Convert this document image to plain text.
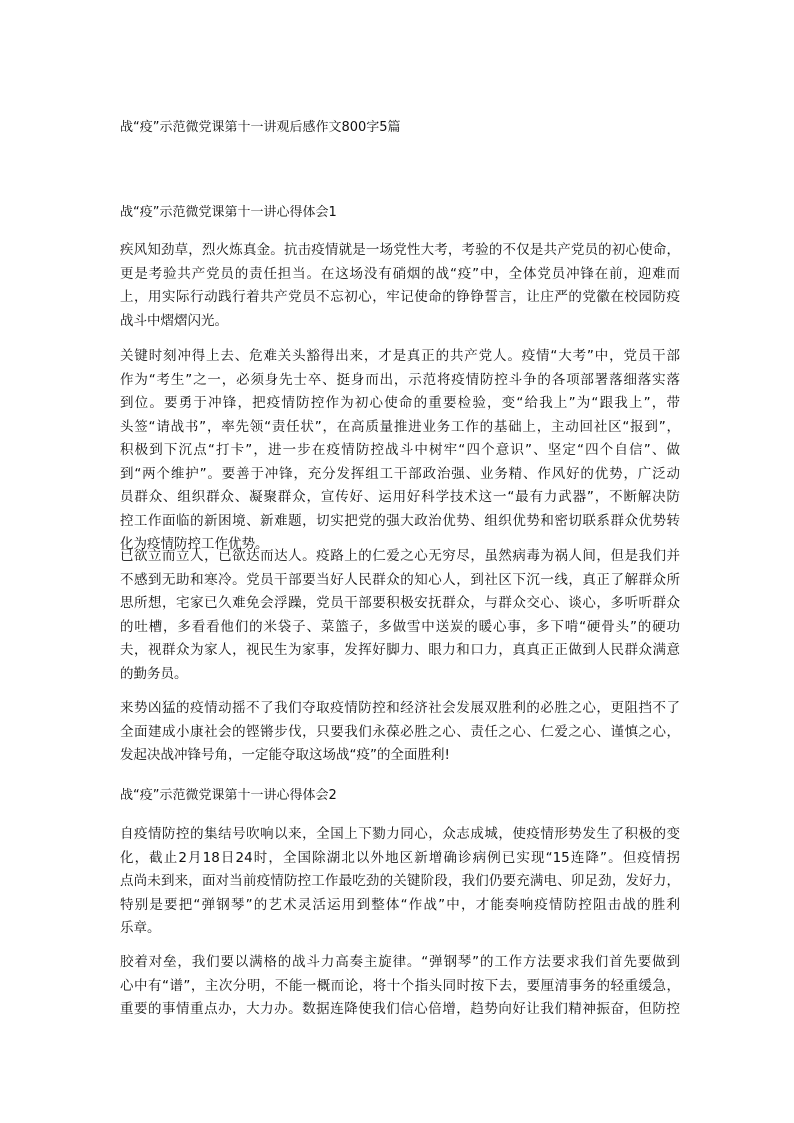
战“疫”示范微党课第十一讲观后感作文800字5篇
战“疫”示范微党课第十一讲心得体会1
疾风知劲草，烈火炼真金。抗击疫情就是一场党性大考，考验的不仅是共产党员的初心使命，
更是考验共产党员的责任担当。在这场没有硝烟的战“疫”中，全体党员冲锋在前，迎难而
上，用实际行动践行着共产党员不忘初心，牢记使命的铮铮誓言，让庄严的党徽在校园防疫
战斗中熠熠闪光。
关键时刻冲得上去、危难关头豁得出来，才是真正的共产党人。疫情“大考”中，党员干部
作为“考生”之一，必须身先士卒、挺身而出，示范将疫情防控斗争的各项部署落细落实落
到位。要勇于冲锋，把疫情防控作为初心使命的重要检验，变“给我上”为“跟我上”，带
头签“请战书”，率先领“责任状”，在高质量推进业务工作的基础上，主动回社区“报到”，
积极到下沉点“打卡”，进一步在疫情防控战斗中树牢“四个意识”、坚定“四个自信”、做
到“两个维护”。要善于冲锋，充分发挥组工干部政治强、业务精、作风好的优势，广泛动
员群众、组织群众、凝聚群众，宣传好、运用好科学技术这一“最有力武器”，不断解决防
控工作面临的新困境、新难题，切实把党的强大政治优势、组织优势和密切联系群众优势转
化为疫情防控工作优势。
已欲立而立人，已欲达而达人。疫路上的仁爱之心无穷尽，虽然病毒为祸人间，但是我们并
不感到无助和寒冷。党员干部要当好人民群众的知心人，到社区下沉一线，真正了解群众所
思所想，宅家已久难免会浮躁，党员干部要积极安抚群众，与群众交心、谈心，多听听群众
的吐槽，多看看他们的米袋子、菜篮子，多做雪中送炭的暖心事，多下啃“硬骨头”的硬功
夫，视群众为家人，视民生为家事，发挥好脚力、眼力和口力，真真正正做到人民群众满意
的勤务员。
来势凶猛的疫情动摇不了我们夺取疫情防控和经济社会发展双胜利的必胜之心，更阻挡不了
全面建成小康社会的铿锵步伐，只要我们永葆必胜之心、责任之心、仁爱之心、谨慎之心，
发起决战冲锋号角，一定能夺取这场战“疫”的全面胜利!
战“疫”示范微党课第十一讲心得体会2
自疫情防控的集结号吹响以来，全国上下勠力同心，众志成城，使疫情形势发生了积极的变
化，截止2月18日24时，全国除湖北以外地区新增确诊病例已实现“15连降”。但疫情拐
点尚未到来，面对当前疫情防控工作最吃劲的关键阶段，我们仍要充满电、卯足劲，发好力，
特别是要把“弹钢琴”的艺术灵活运用到整体“作战”中，才能奏响疫情防控阻击战的胜利
乐章。
胶着对垒，我们要以满格的战斗力高奏主旋律。“弹钢琴”的工作方法要求我们首先要做到
心中有“谱”，主次分明，不能一概而论，将十个指头同时按下去，要厘清事务的轻重缓急，
重要的事情重点办，大力办。数据连降使我们信心倍增，趋势向好让我们精神振奋，但防控
